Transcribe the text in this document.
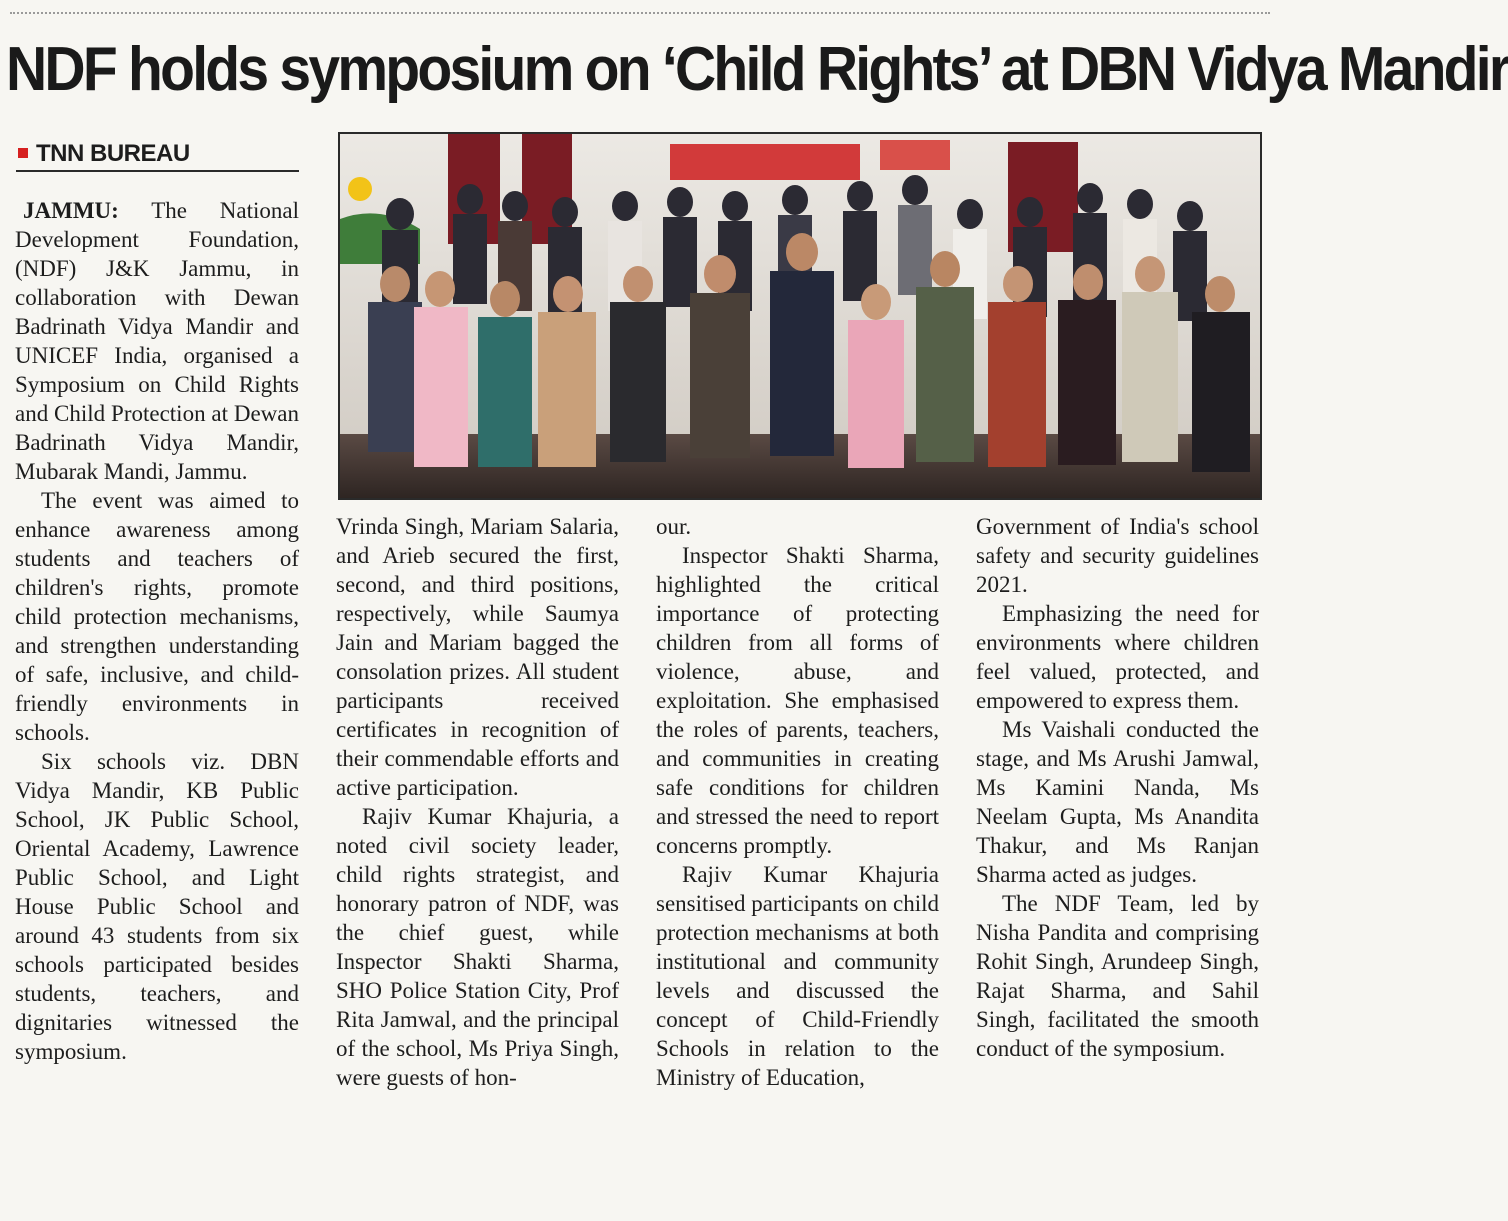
NDF holds symposium on ‘Child Rights’ at DBN Vidya Mandir
TNN BUREAU

JAMMU: The National Development Foundation, (NDF) J&K Jammu, in collaboration with Dewan Badrinath Vidya Mandir and UNICEF India, organised a Symposium on Child Rights and Child Protection at Dewan Badrinath Vidya Mandir, Mubarak Mandi, Jammu.

The event was aimed to enhance awareness among students and teachers of children's rights, promote child protection mechanisms, and strengthen understanding of safe, inclusive, and child-friendly environments in schools.

Six schools viz. DBN Vidya Mandir, KB Public School, JK Public School, Oriental Academy, Lawrence Public School, and Light House Public School and around 43 students from six schools participated besides students, teachers, and dignitaries witnessed the symposium.

Vrinda Singh, Mariam Salaria, and Arieb secured the first, second, and third positions, respectively, while Saumya Jain and Mariam bagged the consolation prizes. All student participants received certificates in recognition of their commendable efforts and active participation.

Rajiv Kumar Khajuria, a noted civil society leader, child rights strategist, and honorary patron of NDF, was the chief guest, while Inspector Shakti Sharma, SHO Police Station City, Prof Rita Jamwal, and the principal of the school, Ms Priya Singh, were guests of hon-

our.

Inspector Shakti Sharma, highlighted the critical importance of protecting children from all forms of violence, abuse, and exploitation. She emphasised the roles of parents, teachers, and communities in creating safe conditions for children and stressed the need to report concerns promptly.

Rajiv Kumar Khajuria sensitised participants on child protection mechanisms at both institutional and community levels and discussed the concept of Child-Friendly Schools in relation to the Ministry of Education,

Government of India's school safety and security guidelines 2021.

Emphasizing the need for environments where children feel valued, protected, and empowered to express them.

Ms Vaishali conducted the stage, and Ms Arushi Jamwal, Ms Kamini Nanda, Ms Neelam Gupta, Ms Anandita Thakur, and Ms Ranjan Sharma acted as judges.

The NDF Team, led by Nisha Pandita and comprising Rohit Singh, Arundeep Singh, Rajat Sharma, and Sahil Singh, facilitated the smooth conduct of the symposium.
